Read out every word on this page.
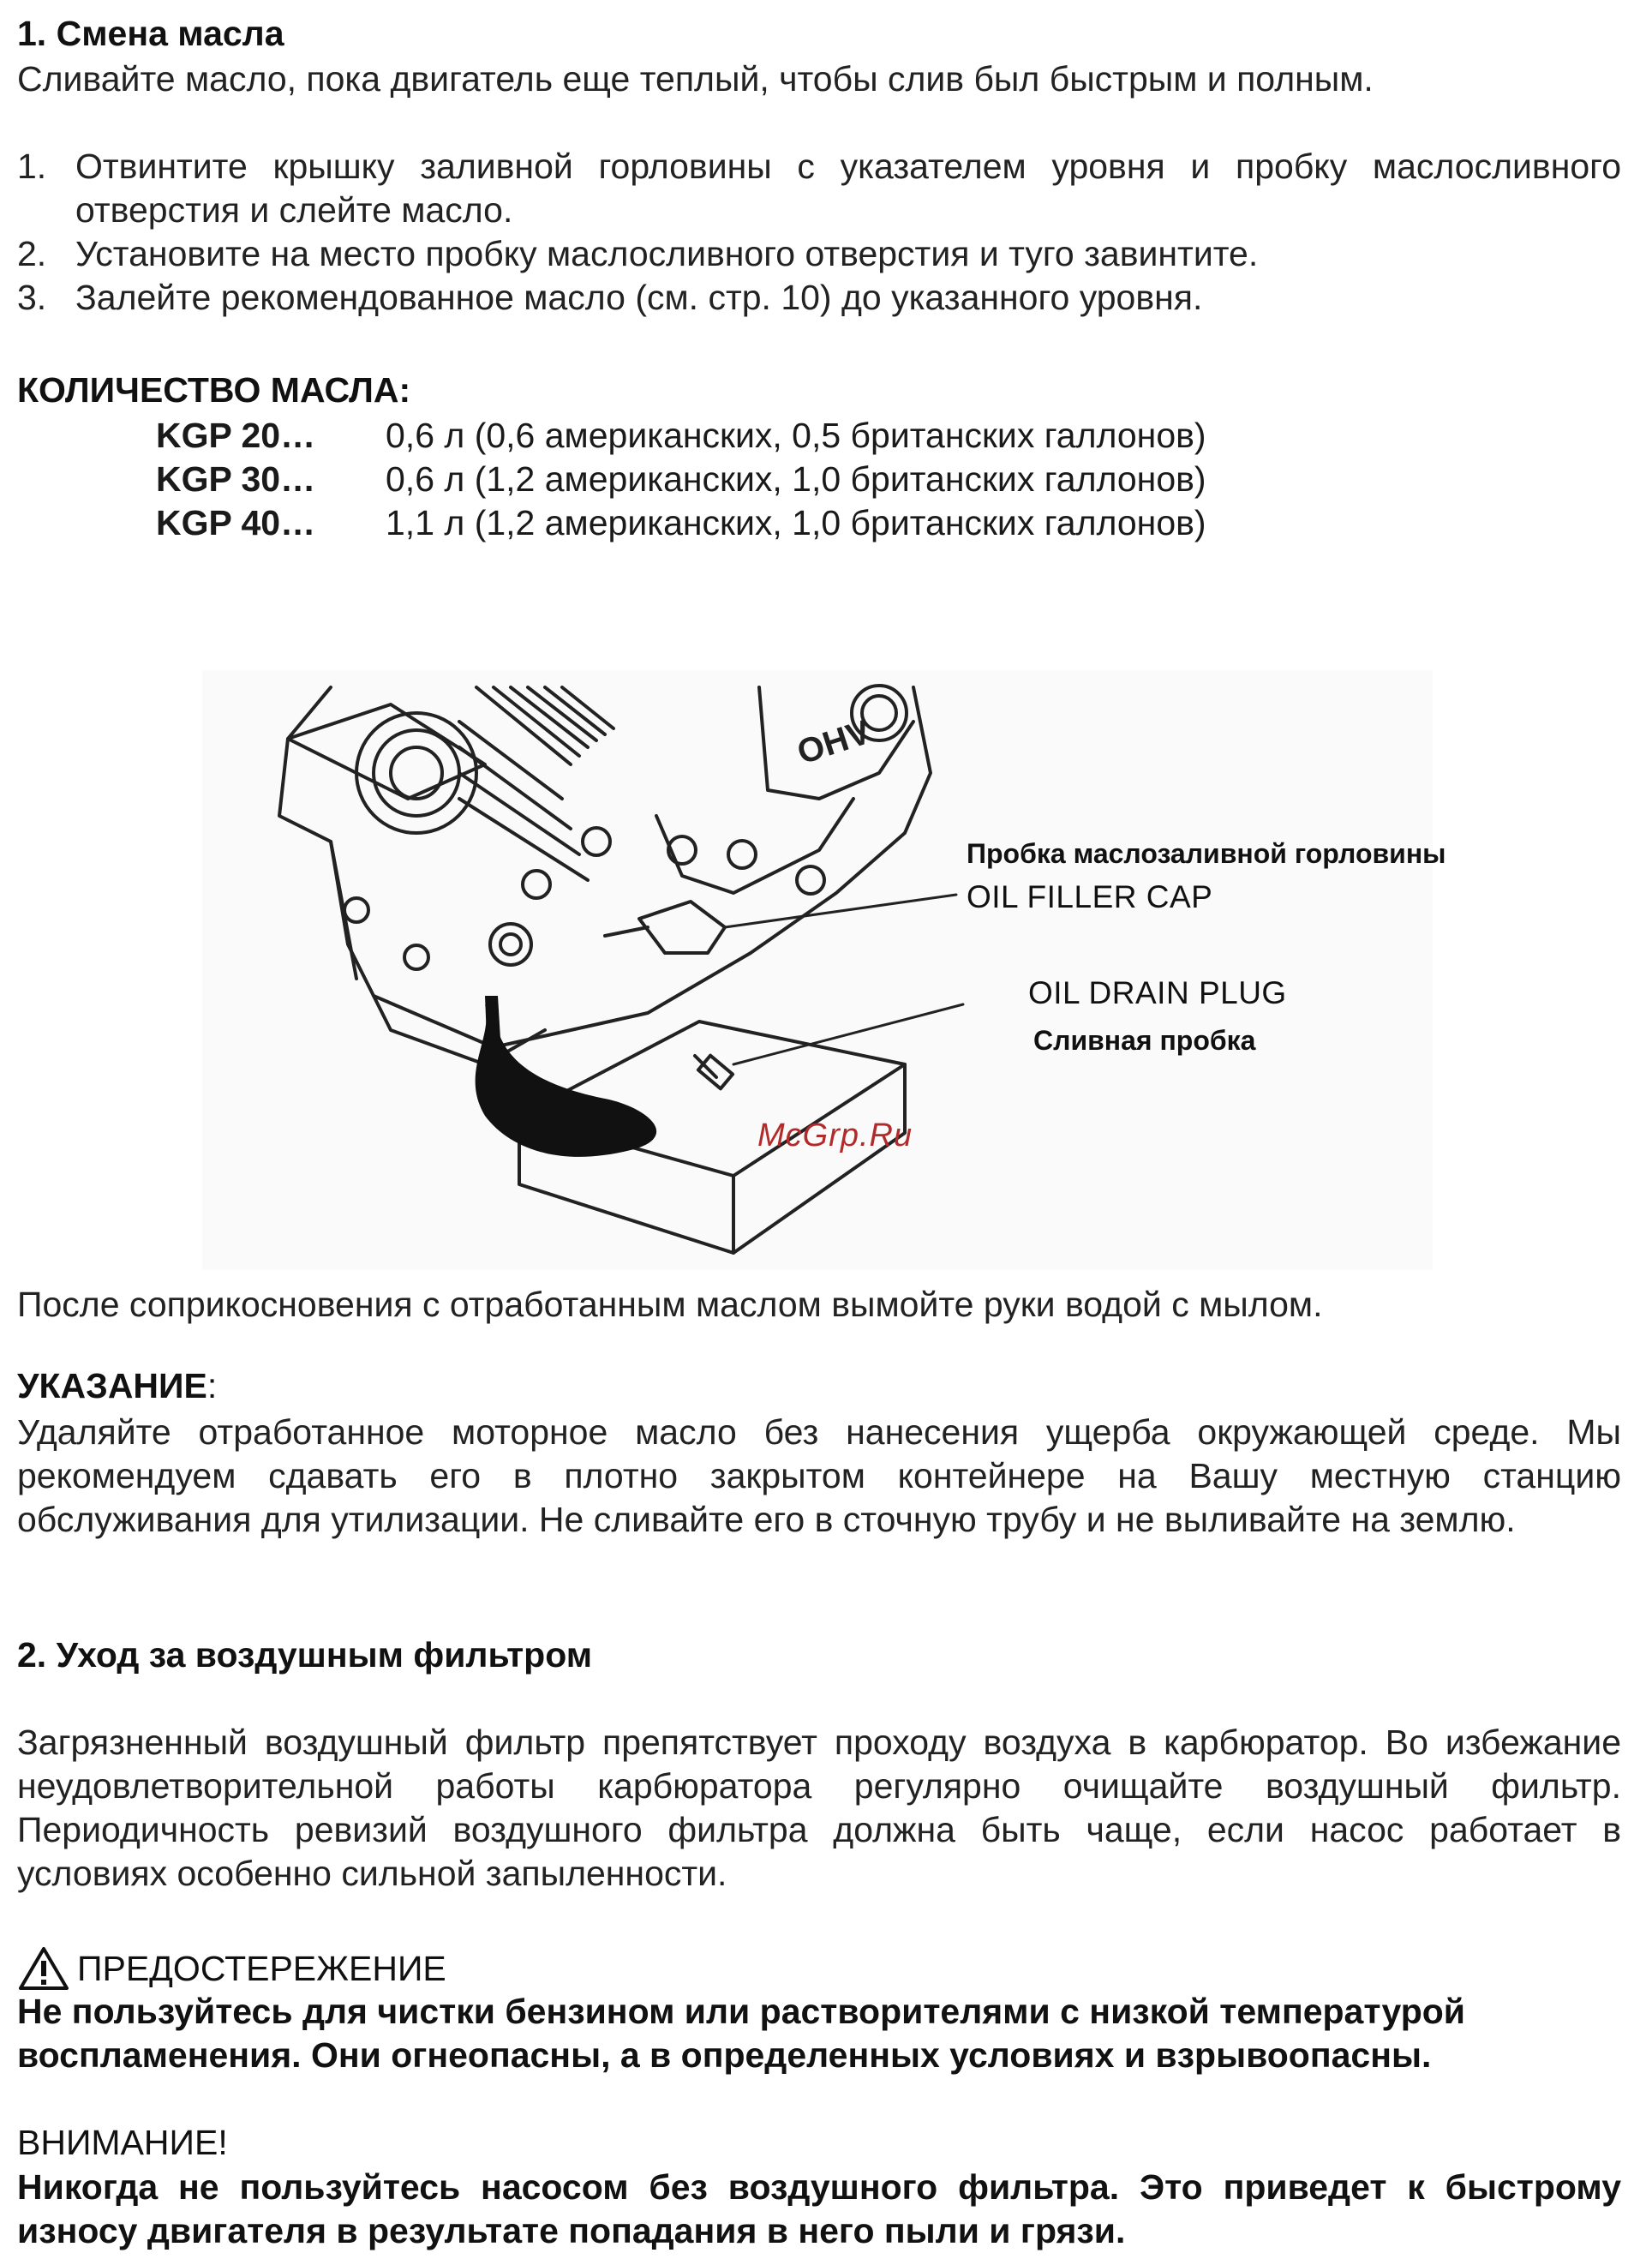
1. Смена масла
Сливайте масло, пока двигатель еще теплый, чтобы слив был быстрым и полным.
1. Отвинтите крышку заливной горловины с указателем уровня и пробку маслосливного отверстия и слейте масло.
2. Установите на место пробку маслосливного отверстия и туго завинтите.
3. Залейте рекомендованное масло (см. стр. 10) до указанного уровня.
КОЛИЧЕСТВО МАСЛА:
KGP 20… 0,6 л (0,6 американских, 0,5 британских галлонов)
KGP 30… 0,6 л (1,2 американских, 1,0 британских галлонов)
KGP 40… 1,1 л (1,2 американских, 1,0 британских галлонов)
OHV
Пробка маслозаливной горловины
OIL FILLER CAP
OIL DRAIN PLUG
Сливная пробка
McGrp.Ru
После соприкосновения с отработанным маслом вымойте руки водой с мылом.
УКАЗАНИЕ:
Удаляйте отработанное моторное масло без нанесения ущерба окружающей среде. Мы рекомендуем сдавать его в плотно закрытом контейнере на Вашу местную станцию обслуживания для утилизации. Не сливайте его в сточную трубу и не выливайте на землю.
2. Уход за воздушным фильтром
Загрязненный воздушный фильтр препятствует проходу воздуха в карбюратор. Во избежание неудовлетворительной работы карбюратора регулярно очищайте воздушный фильтр. Периодичность ревизий воздушного фильтра должна быть чаще, если насос работает в условиях особенно сильной запыленности.
ПРЕДОСТЕРЕЖЕНИЕ
Не пользуйтесь для чистки бензином или растворителями с низкой температурой воспламенения. Они огнеопасны, а в определенных условиях и взрывоопасны.
ВНИМАНИЕ!
Никогда не пользуйтесь насосом без воздушного фильтра. Это приведет к быстрому износу двигателя в результате попадания в него пыли и грязи.
